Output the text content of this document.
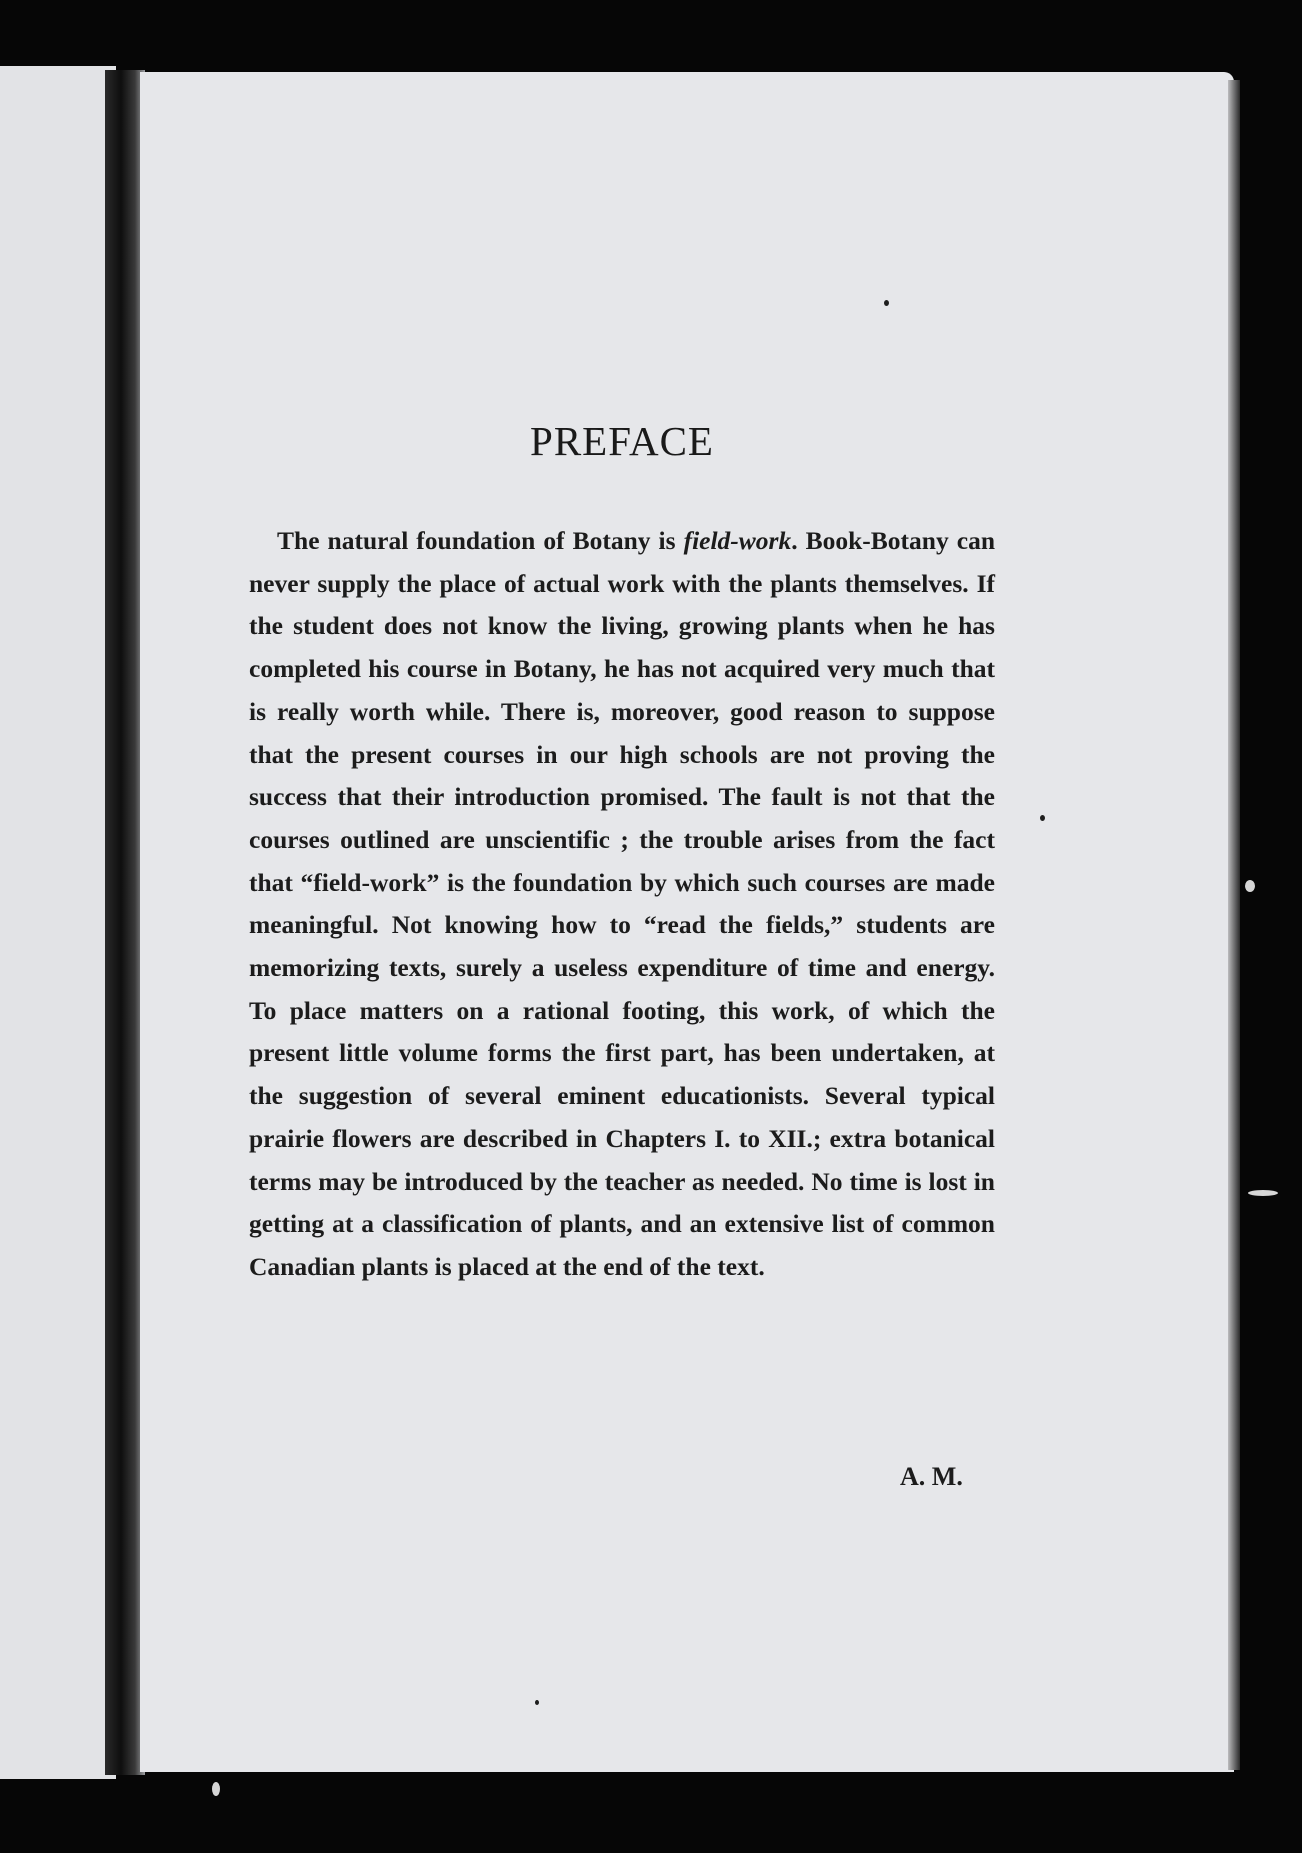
PREFACE

The natural foundation of Botany is field-work. Book-Botany can never supply the place of actual work with the plants themselves. If the student does not know the living, growing plants when he has completed his course in Botany, he has not acquired very much that is really worth while. There is, moreover, good reason to suppose that the present courses in our high schools are not proving the success that their introduction promised. The fault is not that the courses outlined are unscientific ; the trouble arises from the fact that “field-work” is the foundation by which such courses are made meaningful. Not knowing how to “read the fields,” students are memorizing texts, surely a useless expenditure of time and energy. To place matters on a rational footing, this work, of which the present little volume forms the first part, has been undertaken, at the suggestion of several eminent educationists. Several typical prairie flowers are described in Chapters I. to XII.; extra botanical terms may be introduced by the teacher as needed. No time is lost in getting at a classification of plants, and an extensive list of common Canadian plants is placed at the end of the text.

A. M.
